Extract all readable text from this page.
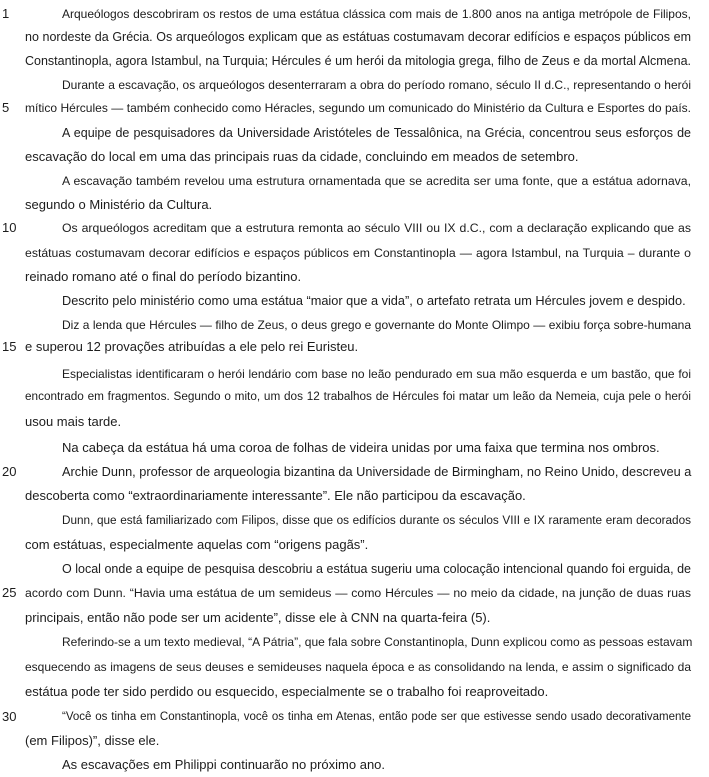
1
5
10
15
20
25
30
Arqueólogos descobriram os restos de uma estátua clássica com mais de 1.800 anos na antiga metrópole de Filipos,
no nordeste da Grécia. Os arqueólogos explicam que as estátuas costumavam decorar edifícios e espaços públicos em
Constantinopla, agora Istambul, na Turquia; Hércules é um herói da mitologia grega, filho de Zeus e da mortal Alcmena.
Durante a escavação, os arqueólogos desenterraram a obra do período romano, século II d.C., representando o herói
mítico Hércules — também conhecido como Héracles, segundo um comunicado do Ministério da Cultura e Esportes do país.
A equipe de pesquisadores da Universidade Aristóteles de Tessalônica, na Grécia, concentrou seus esforços de
escavação do local em uma das principais ruas da cidade, concluindo em meados de setembro.
A escavação também revelou uma estrutura ornamentada que se acredita ser uma fonte, que a estátua adornava,
segundo o Ministério da Cultura.
Os arqueólogos acreditam que a estrutura remonta ao século VIII ou IX d.C., com a declaração explicando que as
estátuas costumavam decorar edifícios e espaços públicos em Constantinopla — agora Istambul, na Turquia – durante o
reinado romano até o final do período bizantino.
Descrito pelo ministério como uma estátua “maior que a vida”, o artefato retrata um Hércules jovem e despido.
Diz a lenda que Hércules — filho de Zeus, o deus grego e governante do Monte Olimpo — exibiu força sobre-humana
e superou 12 provações atribuídas a ele pelo rei Euristeu.
Especialistas identificaram o herói lendário com base no leão pendurado em sua mão esquerda e um bastão, que foi
encontrado em fragmentos. Segundo o mito, um dos 12 trabalhos de Hércules foi matar um leão da Nemeia, cuja pele o herói
usou mais tarde.
Na cabeça da estátua há uma coroa de folhas de videira unidas por uma faixa que termina nos ombros.
Archie Dunn, professor de arqueologia bizantina da Universidade de Birmingham, no Reino Unido, descreveu a
descoberta como “extraordinariamente interessante”. Ele não participou da escavação.
Dunn, que está familiarizado com Filipos, disse que os edifícios durante os séculos VIII e IX raramente eram decorados
com estátuas, especialmente aquelas com “origens pagãs”.
O local onde a equipe de pesquisa descobriu a estátua sugeriu uma colocação intencional quando foi erguida, de
acordo com Dunn. “Havia uma estátua de um semideus — como Hércules — no meio da cidade, na junção de duas ruas
principais, então não pode ser um acidente”, disse ele à CNN na quarta-feira (5).
Referindo-se a um texto medieval, “A Pátria”, que fala sobre Constantinopla, Dunn explicou como as pessoas estavam
esquecendo as imagens de seus deuses e semideuses naquela época e as consolidando na lenda, e assim o significado da
estátua pode ter sido perdido ou esquecido, especialmente se o trabalho foi reaproveitado.
“Você os tinha em Constantinopla, você os tinha em Atenas, então pode ser que estivesse sendo usado decorativamente
(em Filipos)”, disse ele.
As escavações em Philippi continuarão no próximo ano.
